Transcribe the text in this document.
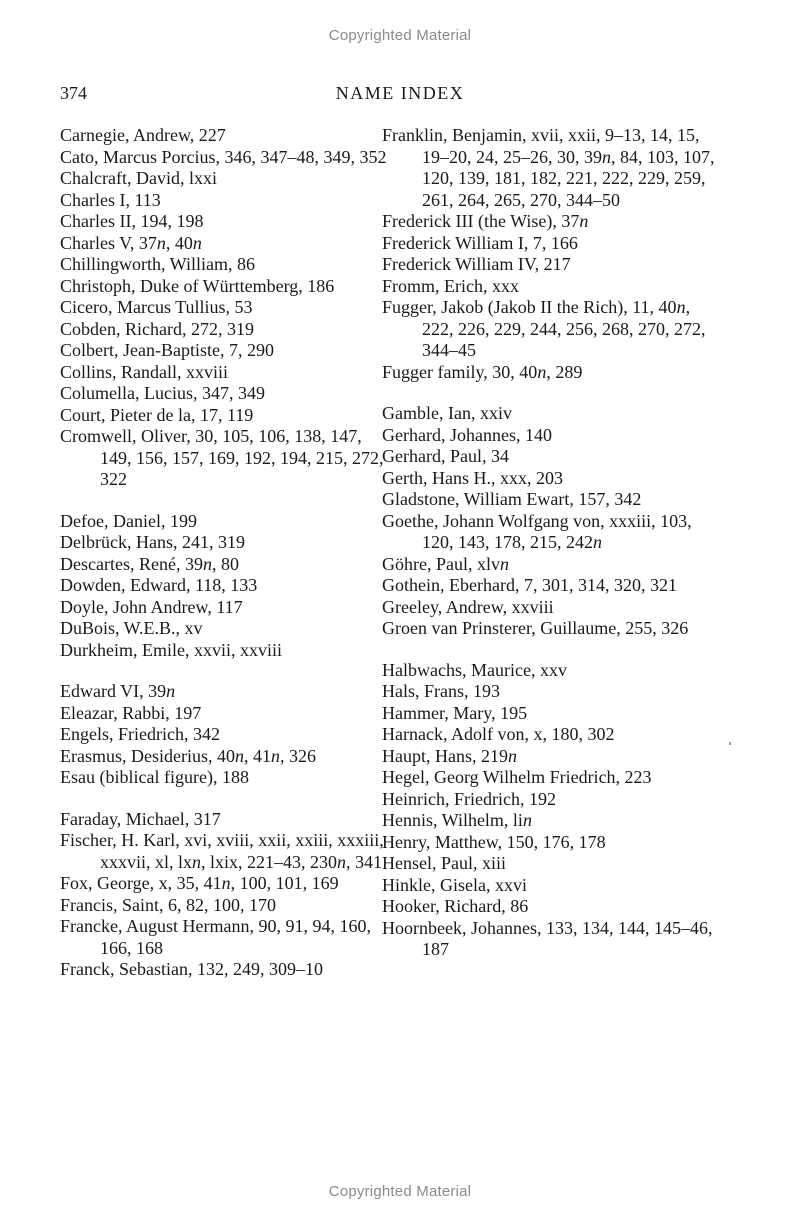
Copyrighted Material
374	NAME INDEX
Carnegie, Andrew, 227
Cato, Marcus Porcius, 346, 347–48, 349, 352
Chalcraft, David, lxxi
Charles I, 113
Charles II, 194, 198
Charles V, 37n, 40n
Chillingworth, William, 86
Christoph, Duke of Württemberg, 186
Cicero, Marcus Tullius, 53
Cobden, Richard, 272, 319
Colbert, Jean-Baptiste, 7, 290
Collins, Randall, xxviii
Columella, Lucius, 347, 349
Court, Pieter de la, 17, 119
Cromwell, Oliver, 30, 105, 106, 138, 147, 149, 156, 157, 169, 192, 194, 215, 272, 322
Defoe, Daniel, 199
Delbrück, Hans, 241, 319
Descartes, René, 39n, 80
Dowden, Edward, 118, 133
Doyle, John Andrew, 117
DuBois, W.E.B., xv
Durkheim, Emile, xxvii, xxviii
Edward VI, 39n
Eleazar, Rabbi, 197
Engels, Friedrich, 342
Erasmus, Desiderius, 40n, 41n, 326
Esau (biblical figure), 188
Faraday, Michael, 317
Fischer, H. Karl, xvi, xviii, xxii, xxiii, xxxiii, xxxvii, xl, lxn, lxix, 221–43, 230n, 341
Fox, George, x, 35, 41n, 100, 101, 169
Francis, Saint, 6, 82, 100, 170
Francke, August Hermann, 90, 91, 94, 160, 166, 168
Franck, Sebastian, 132, 249, 309–10
Franklin, Benjamin, xvii, xxii, 9–13, 14, 15, 19–20, 24, 25–26, 30, 39n, 84, 103, 107, 120, 139, 181, 182, 221, 222, 229, 259, 261, 264, 265, 270, 344–50
Frederick III (the Wise), 37n
Frederick William I, 7, 166
Frederick William IV, 217
Fromm, Erich, xxx
Fugger, Jakob (Jakob II the Rich), 11, 40n, 222, 226, 229, 244, 256, 268, 270, 272, 344–45
Fugger family, 30, 40n, 289
Gamble, Ian, xxiv
Gerhard, Johannes, 140
Gerhard, Paul, 34
Gerth, Hans H., xxx, 203
Gladstone, William Ewart, 157, 342
Goethe, Johann Wolfgang von, xxxiii, 103, 120, 143, 178, 215, 242n
Göhre, Paul, xlvn
Gothein, Eberhard, 7, 301, 314, 320, 321
Greeley, Andrew, xxviii
Groen van Prinsterer, Guillaume, 255, 326
Halbwachs, Maurice, xxv
Hals, Frans, 193
Hammer, Mary, 195
Harnack, Adolf von, x, 180, 302
Haupt, Hans, 219n
Hegel, Georg Wilhelm Friedrich, 223
Heinrich, Friedrich, 192
Hennis, Wilhelm, lin
Henry, Matthew, 150, 176, 178
Hensel, Paul, xiii
Hinkle, Gisela, xxvi
Hooker, Richard, 86
Hoornbeek, Johannes, 133, 134, 144, 145–46, 187
Copyrighted Material
